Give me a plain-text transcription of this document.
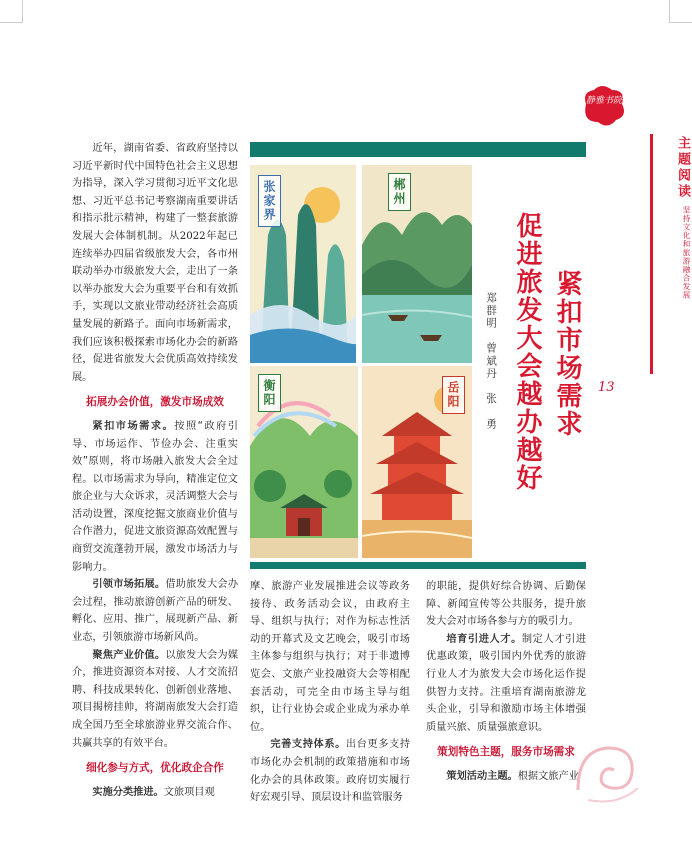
静雅书院
主题阅读
坚持文化和旅游融合发展
13

近年，湖南省委、省政府坚持以习近平新时代中国特色社会主义思想为指导，深入学习贯彻习近平文化思想、习近平总书记考察湖南重要讲话和指示批示精神，构建了一整套旅游发展大会体制机制。从2022年起已连续举办四届省级旅发大会，各市州联动举办市级旅发大会，走出了一条以举办旅发大会为重要平台和有效抓手，实现以文旅业带动经济社会高质量发展的新路子。面向市场新需求，我们应该积极探索市场化办会的新路径，促进省旅发大会优质高效持续发展。

拓展办会价值，激发市场成效

紧扣市场需求。按照“政府引导、市场运作、节俭办会、注重实效”原则，将市场融入旅发大会全过程。以市场需求为导向，精准定位文旅企业与大众诉求，灵活调整大会与活动设置，深度挖掘文旅商业价值与合作潜力，促进文旅资源高效配置与商贸交流蓬勃开展，激发市场活力与影响力。

引领市场拓展。借助旅发大会办会过程，推动旅游创新产品的研发、孵化、应用、推广，展现新产品、新业态，引领旅游市场新风尚。

聚焦产业价值。以旅发大会为媒介，推进资源资本对接、人才交流招聘、科技成果转化、创新创业落地、项目揭榜挂帅，将湖南旅发大会打造成全国乃至全球旅游业界交流合作、共赢共享的有效平台。

细化参与方式，优化政企合作

实施分类推进。文旅项目观

张家界	郴州
衡阳	岳阳	紧扣市场需求
促进旅发大会越办越好
郑群明　曾斌丹　张　勇

摩、旅游产业发展推进会议等政务接待、政务活动会议，由政府主导、组织与执行；对作为标志性活动的开幕式及文艺晚会，吸引市场主体参与组织与执行；对于非遗博览会、文旅产业投融资大会等相配套活动，可完全由市场主导与组织，让行业协会或企业成为承办单位。

完善支持体系。出台更多支持市场化办会机制的政策措施和市场化办会的具体政策。政府切实履行好宏观引导、顶层设计和监管服务

的职能，提供好综合协调、后勤保障、新闻宣传等公共服务，提升旅发大会对市场各参与方的吸引力。

培育引进人才。制定人才引进优惠政策，吸引国内外优秀的旅游行业人才为旅发大会市场化运作提供智力支持。注重培育湖南旅游龙头企业，引导和激励市场主体增强质量兴旅、质量强旅意识。

策划特色主题，服务市场需求

策划活动主题。根据文旅产业
